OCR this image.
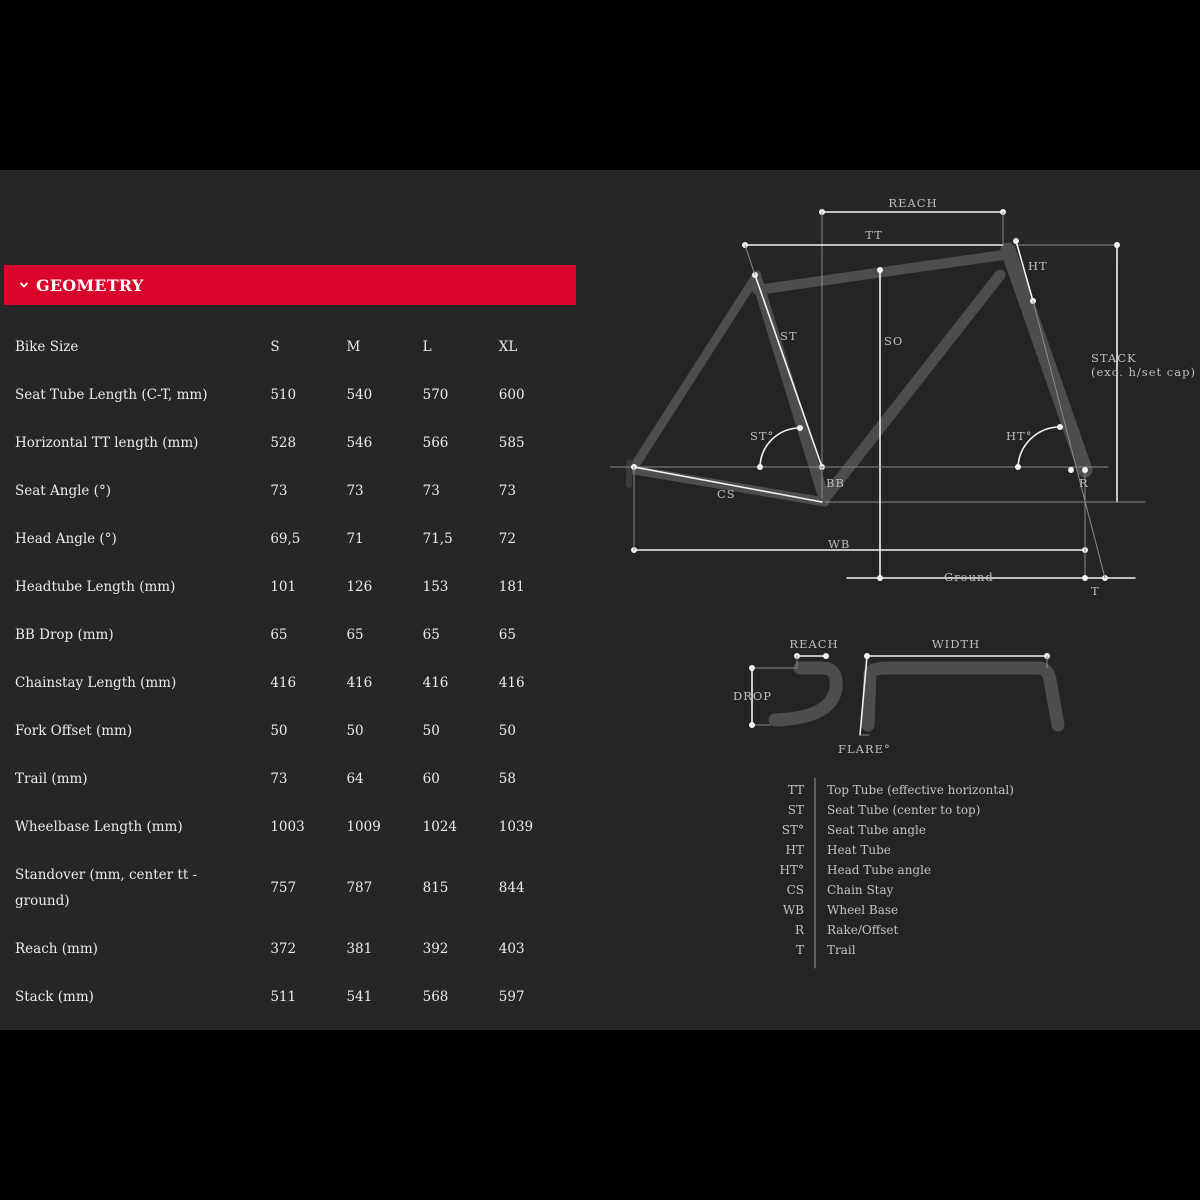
GEOMETRY
Bike Size	S	M	L	XL
Seat Tube Length (C-T, mm)	510	540	570	600
Horizontal TT length (mm)	528	546	566	585
Seat Angle (°)	73	73	73	73
Head Angle (°)	69,5	71	71,5	72
Headtube Length (mm)	101	126	153	181
BB Drop (mm)	65	65	65	65
Chainstay Length (mm)	416	416	416	416
Fork Offset (mm)	50	50	50	50
Trail (mm)	73	64	60	58
Wheelbase Length (mm)	1003	1009	1024	1039
Standover (mm, center tt - ground)	757	787	815	844
Reach (mm)	372	381	392	403
Stack (mm)	511	541	568	597
REACH
TT
HT
ST	SO
STACK
(exc. h/set cap)
ST°	HT°
BB
CS
R
WB
Ground
T
REACH	WIDTH
DROP
FLARE°
TT Top Tube (effective horizontal)
ST Seat Tube (center to top)
ST° Seat Tube angle
HT Heat Tube
HT° Head Tube angle
CS Chain Stay
WB Wheel Base
R Rake/Offset
T Trail
